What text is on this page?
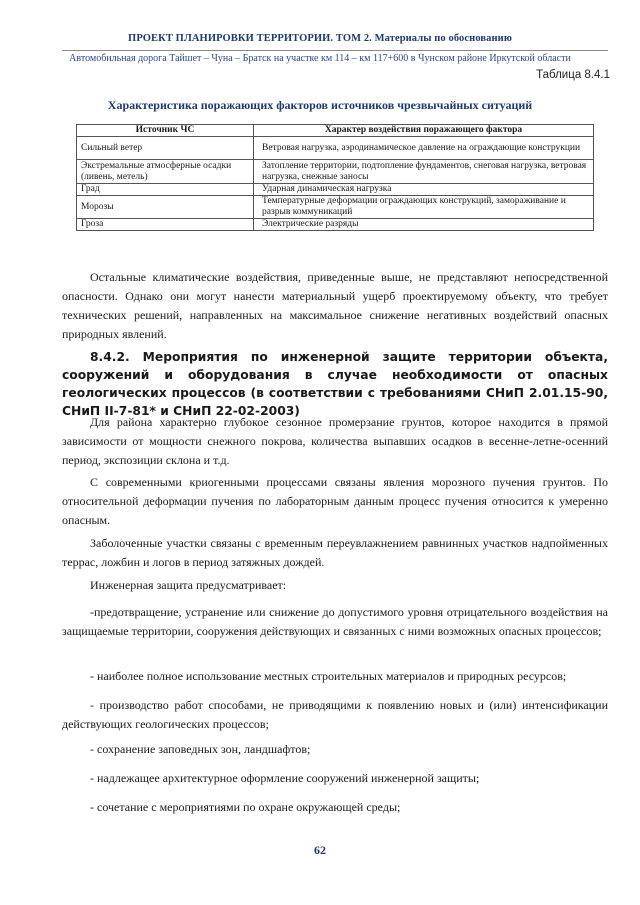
ПРОЕКТ ПЛАНИРОВКИ ТЕРРИТОРИИ. ТОМ 2. Материалы по обоснованию
Автомобильная дорога Тайшет – Чуна – Братск на участке км 114 – км 117+600 в Чунском районе Иркутской области
Таблица 8.4.1
Характеристика поражающих факторов источников чрезвычайных ситуаций
Источник ЧС	Характер воздействия поражающего фактора
Сильный ветер	Ветровая нагрузка, аэродинамическое давление на ограждающие конструкции
Экстремальные атмосферные осадки (ливень, метель)	Затопление территории, подтопление фундаментов, снеговая нагрузка, ветровая нагрузка, снежные заносы
Град	Ударная динамическая нагрузка
Морозы	Температурные деформации ограждающих конструкций, замораживание и разрыв коммуникаций
Гроза	Электрические разряды

Остальные климатические воздействия, приведенные выше, не представляют непосредственной опасности. Однако они могут нанести материальный ущерб проектируемому объекту, что требует технических решений, направленных на максимальное снижение негативных воздействий опасных природных явлений.

8.4.2. Мероприятия по инженерной защите территории объекта, сооружений и оборудования в случае необходимости от опасных геологических процессов (в соответствии с требованиями СНиП 2.01.15-90, СНиП II-7-81* и СНиП 22-02-2003)

Для района характерно глубокое сезонное промерзание грунтов, которое находится в прямой зависимости от мощности снежного покрова, количества выпавших осадков в весенне-летне-осенний период, экспозиции склона и т.д.

С современными криогенными процессами связаны явления морозного пучения грунтов. По относительной деформации пучения по лабораторным данным процесс пучения относится к умеренно опасным.

Заболоченные участки связаны с временным переувлажнением равнинных участков надпойменных террас, ложбин и логов в период затяжных дождей.

Инженерная защита предусматривает:

-предотвращение, устранение или снижение до допустимого уровня отрицательного воздействия на защищаемые территории, сооружения действующих и связанных с ними возможных опасных процессов;

- наиболее полное использование местных строительных материалов и природных ресурсов;

- производство работ способами, не приводящими к появлению новых и (или) интенсификации действующих геологических процессов;

- сохранение заповедных зон, ландшафтов;

- надлежащее архитектурное оформление сооружений инженерной защиты;

- сочетание с мероприятиями по охране окружающей среды;

62
